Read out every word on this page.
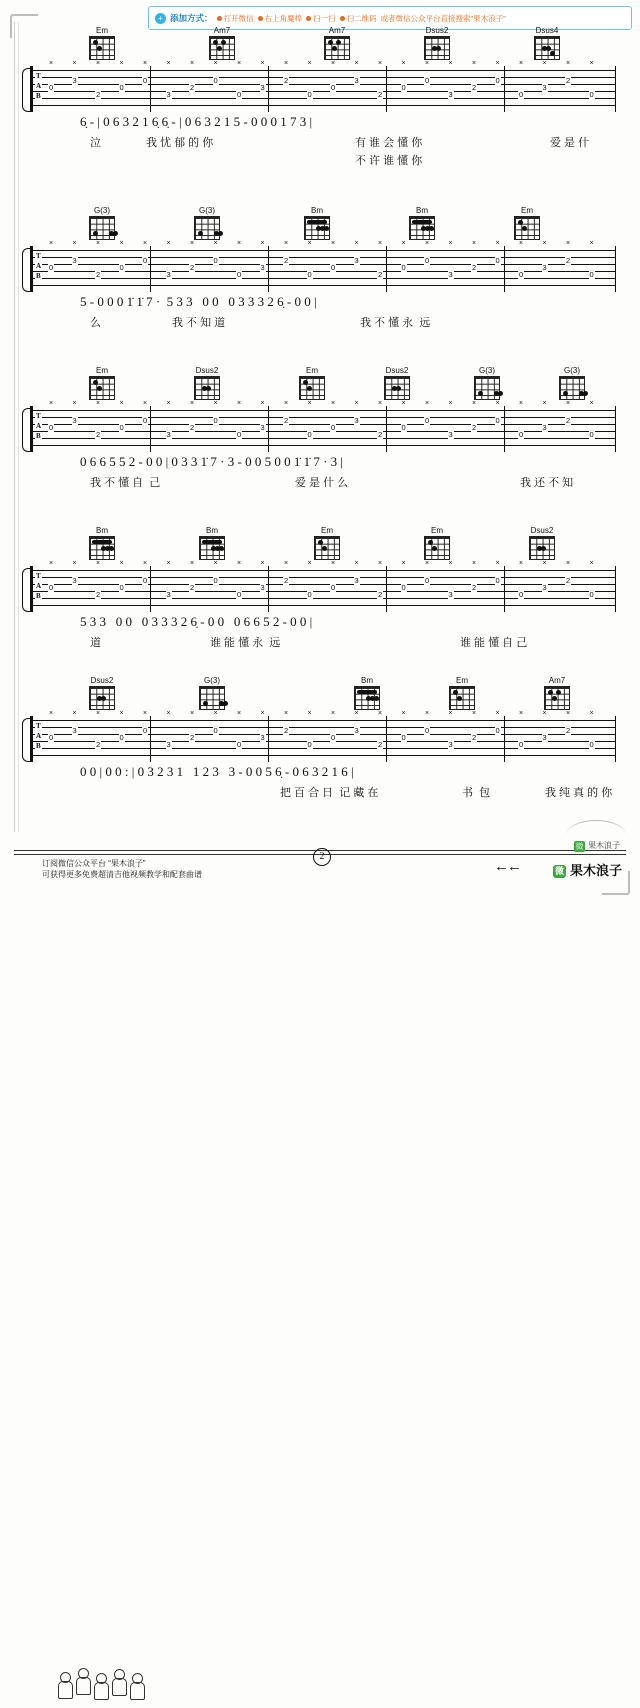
+ 添加方式： 打开微信 右上角魔棒 扫一扫 扫二维码 或者微信公众平台直接搜索"果木浪子"
Em	Am7	Am7	Dsus2	Dsus4
T
A
B
0
×
3
×
2
×
0
×
0
×
3
×
2
×
0
×
0
×
3
×
2
×
0
×
0
×
3
×
2
×
0
×
0
×
3
×
2
×
0
×
0
×
3
×
2
×
0
×
6̣ - | 0 6 3 2 1 6̣ 6̣ - | 0 6 3 2 1 5 - 0 0 0 1 7 3 |
泣	我 忧 郁 的 你	有 谁 会 懂 你	爱 是 什
不 许 谁 懂 你
G(3)	G(3)	Bm	Bm	Em
T
A
B
0
×
3
×
2
×
0
×
0
×
3
×
2
×
0
×
0
×
3
×
2
×
0
×
0
×
3
×
2
×
0
×
0
×
3
×
2
×
0
×
0
×
3
×
2
×
0
×
5 - 0 0 0 1̇ 1̇ 7 ·  5 3 3   0 0   0 3 3 3 2 6̣ - 0 0 |
么	我 不 知 道	我 不 懂 永  远
Em	Dsus2	Em	Dsus2	G(3)	G(3)
T
A
B
0
×
3
×
2
×
0
×
0
×
3
×
2
×
0
×
0
×
3
×
2
×
0
×
0
×
3
×
2
×
0
×
0
×
3
×
2
×
0
×
0
×
3
×
2
×
0
×
0 6 6 5 5 2 - 0 0 | 0 3 3 1̇ 7 · 3 - 0 0 5 0 0 1̇ 1̇ 7 · 3 |
我 不 懂 自  己	爱 是 什 么	我 还 不 知
Bm	Bm	Em	Em	Dsus2
T
A
B
0
×
3
×
2
×
0
×
0
×
3
×
2
×
0
×
0
×
3
×
2
×
0
×
0
×
3
×
2
×
0
×
0
×
3
×
2
×
0
×
0
×
3
×
2
×
0
×
5 3 3   0 0   0 3 3 3 2 6̣ - 0 0   0 6 6 5 2 - 0 0 |
道	谁 能 懂 永  远	谁 能 懂 自 己
Dsus2	G(3)	Bm	Em	Am7
T
A
B
0
×
3
×
2
×
0
×
0
×
3
×
2
×
0
×
0
×
3
×
2
×
0
×
0
×
3
×
2
×
0
×
0
×
3
×
2
×
0
×
0
×
3
×
2
×
0
×
0 0 | 0 0 : | 0 3 2 3 1   1 2 3   3 - 0 0 5 6̣ - 0 6 3 2 1 6 |
把 百 合 日  记 藏 在	书  包	我 纯 真 的 你
订阅微信公众平台 “果木浪子”
可获得更多免费超清吉他视频教学和配套曲谱
2
微 果木浪子
←←	微 果木浪子
